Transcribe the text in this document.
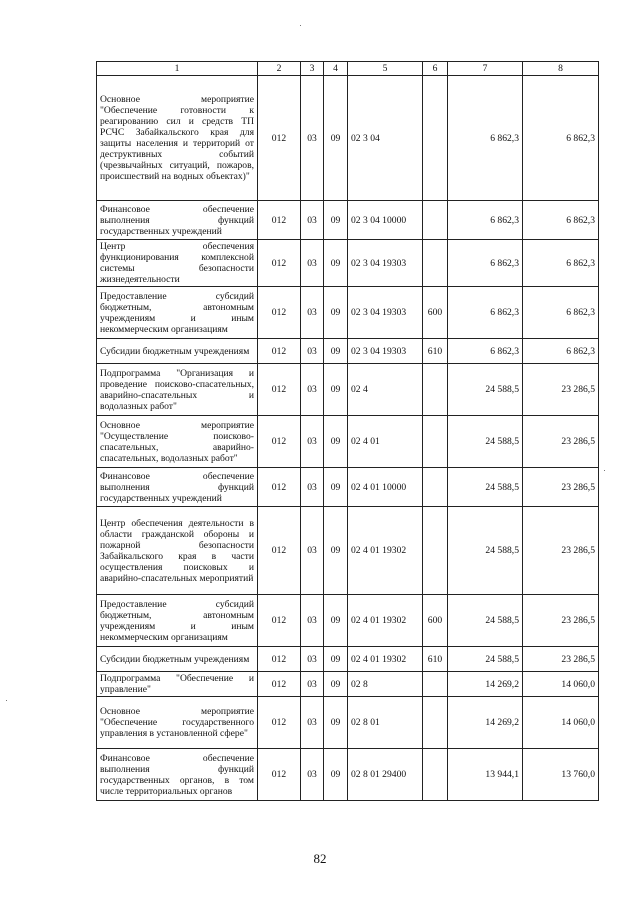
1	2	3	4	5	6	7	8
Основное мероприятие "Обеспечение готовности к реагированию сил и средств ТП РСЧС Забайкальского края для защиты населения и территорий от деструктивных событий (чрезвычайных ситуаций, пожаров, происшествий на водных объектах)"	012	03	09	02 3 04		6 862,3	6 862,3
Финансовое обеспечение выполнения функций государственных учреждений	012	03	09	02 3 04 10000		6 862,3	6 862,3
Центр обеспечения функционирования комплексной системы безопасности жизнедеятельности	012	03	09	02 3 04 19303		6 862,3	6 862,3
Предоставление субсидий бюджетным, автономным учреждениям и иным некоммерческим организациям	012	03	09	02 3 04 19303	600	6 862,3	6 862,3
Субсидии бюджетным учреждениям	012	03	09	02 3 04 19303	610	6 862,3	6 862,3
Подпрограмма "Организация и проведение поисково-спасательных, аварийно-спасательных и водолазных работ"	012	03	09	02 4		24 588,5	23 286,5
Основное мероприятие "Осуществление поисково-спасательных, аварийно-спасательных, водолазных работ"	012	03	09	02 4 01		24 588,5	23 286,5
Финансовое обеспечение выполнения функций государственных учреждений	012	03	09	02 4 01 10000		24 588,5	23 286,5
Центр обеспечения деятельности в области гражданской обороны и пожарной безопасности Забайкальского края в части осуществления поисковых и аварийно-спасательных мероприятий	012	03	09	02 4 01 19302		24 588,5	23 286,5
Предоставление субсидий бюджетным, автономным учреждениям и иным некоммерческим организациям	012	03	09	02 4 01 19302	600	24 588,5	23 286,5
Субсидии бюджетным учреждениям	012	03	09	02 4 01 19302	610	24 588,5	23 286,5
Подпрограмма "Обеспечение и управление"	012	03	09	02 8		14 269,2	14 060,0
Основное мероприятие "Обеспечение государственного управления в установленной сфере"	012	03	09	02 8 01		14 269,2	14 060,0
Финансовое обеспечение выполнения функций государственных органов, в том числе территориальных органов	012	03	09	02 8 01 29400		13 944,1	13 760,0
82
